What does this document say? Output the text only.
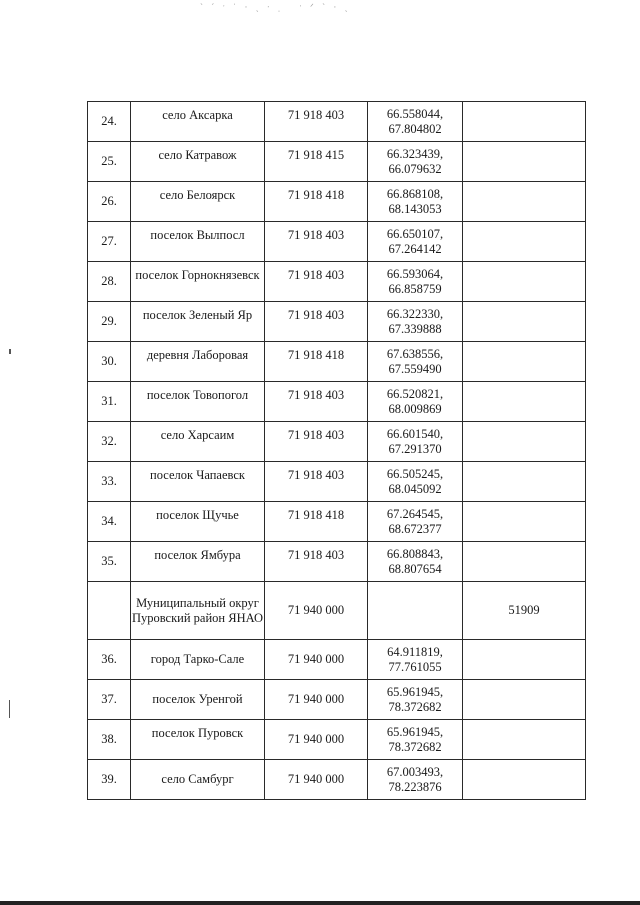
ˋ ˊ ˑ ˈ · ˏ ᐧ ˌ   ˑ ᐟ ˋ · ˏ
24.	село Аксарка	71 918 403	66.558044,
67.804802	

25.	село Катравож	71 918 415	66.323439,
66.079632	

26.	село Белоярск	71 918 418	66.868108,
68.143053	

27.	поселок Вылпосл	71 918 403	66.650107,
67.264142	

28.	поселок Горнокнязевск	71 918 403	66.593064,
66.858759	

29.	поселок Зеленый Яр	71 918 403	66.322330,
67.339888	

30.	деревня Лаборовая	71 918 418	67.638556,
67.559490	

31.	поселок Товопогол	71 918 403	66.520821,
68.009869	

32.	село Харсаим	71 918 403	66.601540,
67.291370	

33.	поселок Чапаевск	71 918 403	66.505245,
68.045092	

34.	поселок Щучье	71 918 418	67.264545,
68.672377	

35.	поселок Ямбура	71 918 403	66.808843,
68.807654	

	Муниципальный округ Пуровский район ЯНАО	71 940 000		51909
36.	город Тарко-Сале	71 940 000	64.911819,
77.761055	

37.	поселок Уренгой	71 940 000	65.961945,
78.372682	

38.	поселок Пуровск	71 940 000	65.961945,
78.372682	

39.	село Самбург	71 940 000	67.003493,
78.223876	
